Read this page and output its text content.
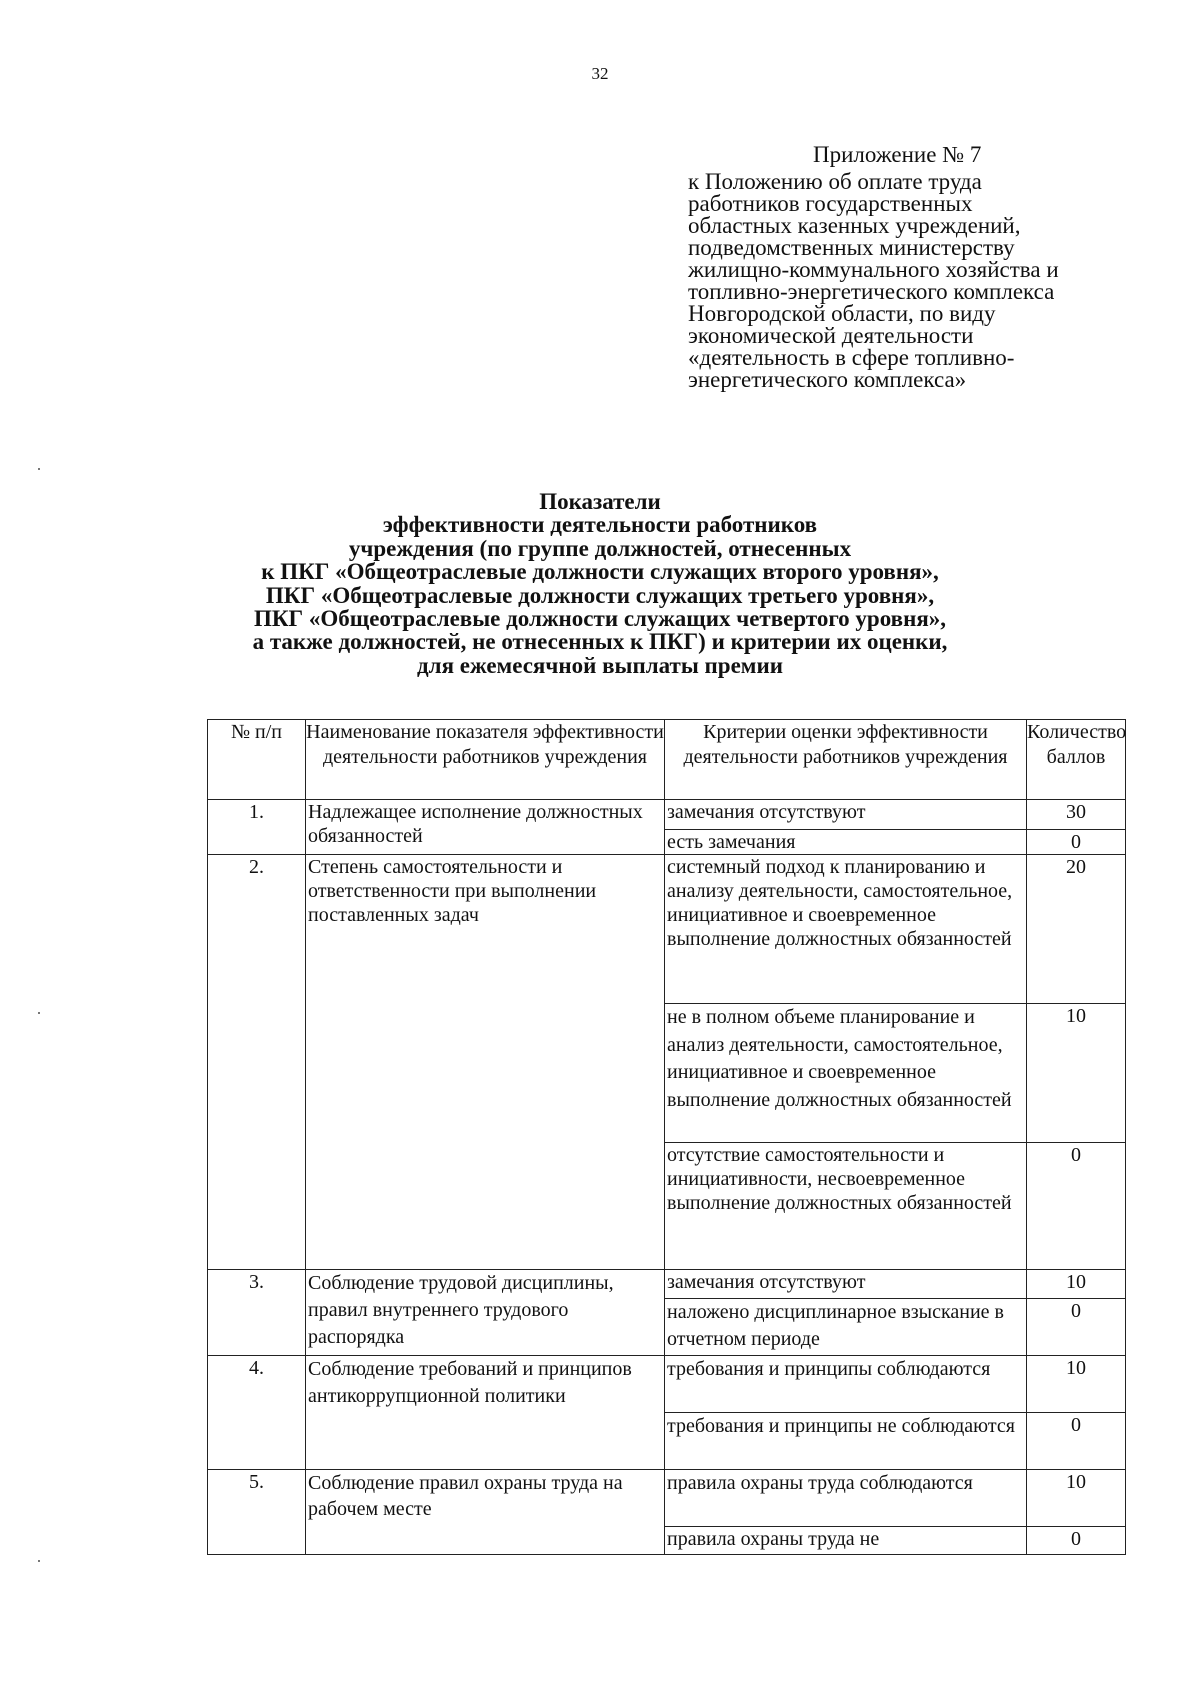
32
Приложение № 7
к Положению об оплате труда
работников государственных
областных казенных учреждений,
подведомственных министерству
жилищно-коммунального хозяйства и
топливно-энергетического комплекса
Новгородской области, по виду
экономической деятельности
«деятельность в сфере топливно-
энергетического комплекса»
Показатели
эффективности деятельности работников
учреждения (по группе должностей, отнесенных
к ПКГ «Общеотраслевые должности служащих второго уровня»,
ПКГ «Общеотраслевые должности служащих третьего уровня»,
ПКГ «Общеотраслевые должности служащих четвертого уровня»,
а также должностей, не отнесенных к ПКГ) и критерии их оценки,
для ежемесячной выплаты премии
№ п/п	Наименование показателя эффективности деятельности работников учреждения	Критерии оценки эффективности деятельности работников учреждения	Количество баллов
1.	Надлежащее исполнение должностных обязанностей	замечания отсутствуют	30
		есть замечания	0
2.	Степень самостоятельности и ответственности при выполнении поставленных задач	системный подход к планированию и анализу деятельности, самостоятельное, инициативное и своевременное выполнение должностных обязанностей	20
		не в полном объеме планирование и анализ деятельности, самостоятельное, инициативное и своевременное выполнение должностных обязанностей	10
		отсутствие самостоятельности и инициативности, несвоевременное выполнение должностных обязанностей	0
3.	Соблюдение трудовой дисциплины, правил внутреннего трудового распорядка	замечания отсутствуют	10
		наложено дисциплинарное взыскание в отчетном периоде	0
4.	Соблюдение требований и принципов антикоррупционной политики	требования и принципы соблюдаются	10
		требования и принципы не соблюдаются	0
5.	Соблюдение правил охраны труда на рабочем месте	правила охраны труда соблюдаются	10
		правила охраны труда не	0
